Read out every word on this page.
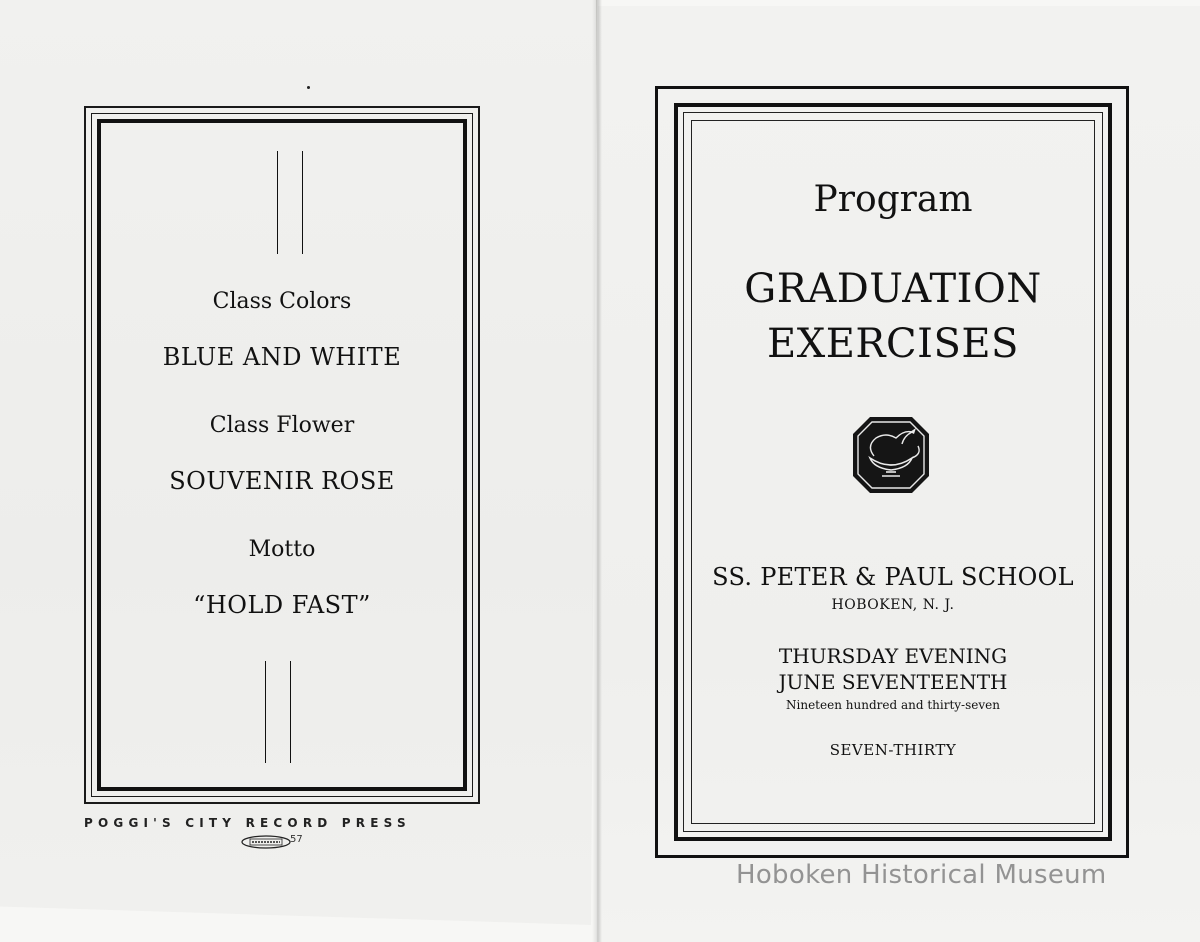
Class Colors
BLUE AND WHITE
Class Flower
SOUVENIR ROSE
Motto
“HOLD FAST”
POGGI'S CITY RECORD PRESS
57
Program
GRADUATION
EXERCISES
SS. PETER & PAUL SCHOOL
HOBOKEN, N. J.
THURSDAY EVENING
JUNE SEVENTEENTH
Nineteen hundred and thirty-seven
SEVEN-THIRTY
Hoboken Historical Museum
